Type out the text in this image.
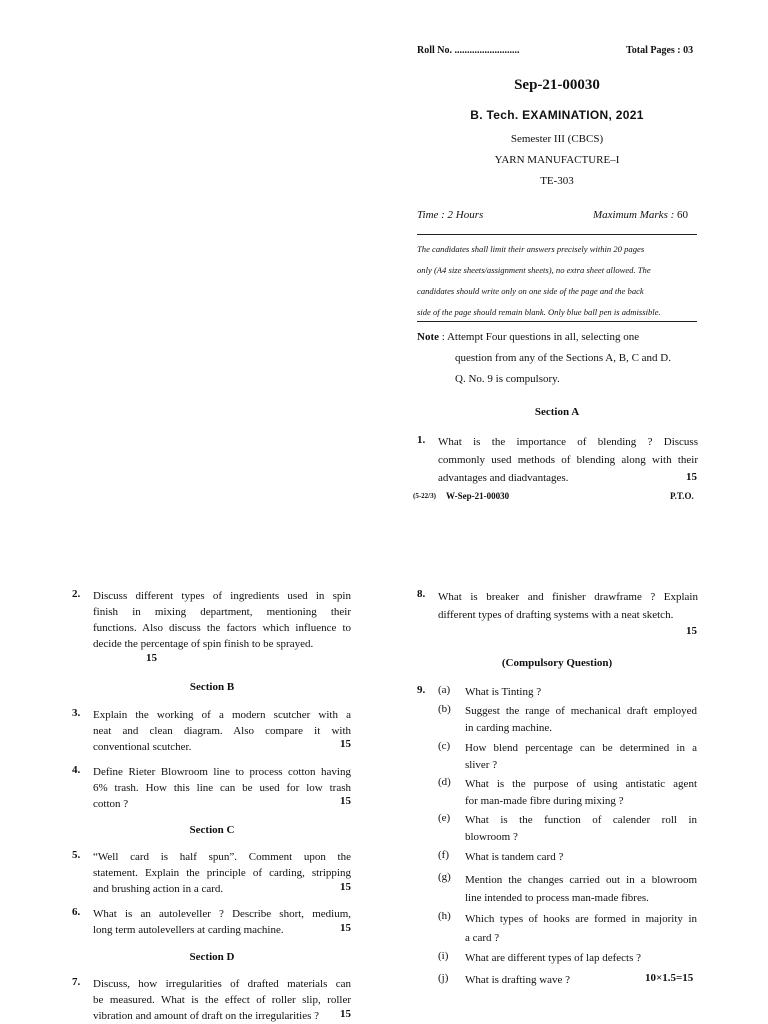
Roll No. ..........................	Total Pages : 03
Sep-21-00030
B. Tech. EXAMINATION, 2021
Semester III (CBCS)
YARN MANUFACTURE–I
TE-303
Time : 2 Hours	Maximum Marks : 60
The candidates shall limit their answers precisely within 20 pages
only (A4 size sheets/assignment sheets), no extra sheet allowed. The
candidates should write only on one side of the page and the back
side of the page should remain blank. Only blue ball pen is admissible.
Note : Attempt Four questions in all, selecting one
question from any of the Sections A, B, C and D.
Q. No. 9 is compulsory.
Section A
1. What is the importance of blending ? Discuss
commonly used methods of blending along with their
advantages and diadvantages.	15
(5-22/3) W-Sep-21-00030	P.T.O.
2. Discuss different types of ingredients used in spin
finish in mixing department, mentioning their
functions. Also discuss the factors which influence to
decide the percentage of spin finish to be sprayed.
15
Section B
3. Explain the working of a modern scutcher with a
neat and clean diagram. Also compare it with
conventional scutcher.	15
4. Define Rieter Blowroom line to process cotton having
6% trash. How this line can be used for low trash
cotton ?	15
Section C
5. “Well card is half spun”. Comment upon the
statement. Explain the principle of carding, stripping
and brushing action in a card.	15
6. What is an autoleveller ? Describe short, medium,
long term autolevellers at carding machine.	15
Section D
7. Discuss, how irregularities of drafted materials can
be measured. What is the effect of roller slip, roller
vibration and amount of draft on the irregularities ?	15
8. What is breaker and finisher drawframe ? Explain
different types of drafting systems with a neat sketch.
15
(Compulsory Question)
9. (a) What is Tinting ?
(b) Suggest the range of mechanical draft employed
in carding machine.
(c) How blend percentage can be determined in a
sliver ?
(d) What is the purpose of using antistatic agent
for man-made fibre during mixing ?
(e) What is the function of calender roll in
blowroom ?
(f) What is tandem card ?
(g) Mention the changes carried out in a blowroom
line intended to process man-made fibres.
(h) Which types of hooks are formed in majority in
a card ?
(i) What are different types of lap defects ?
(j) What is drafting wave ?	10×1.5=15
